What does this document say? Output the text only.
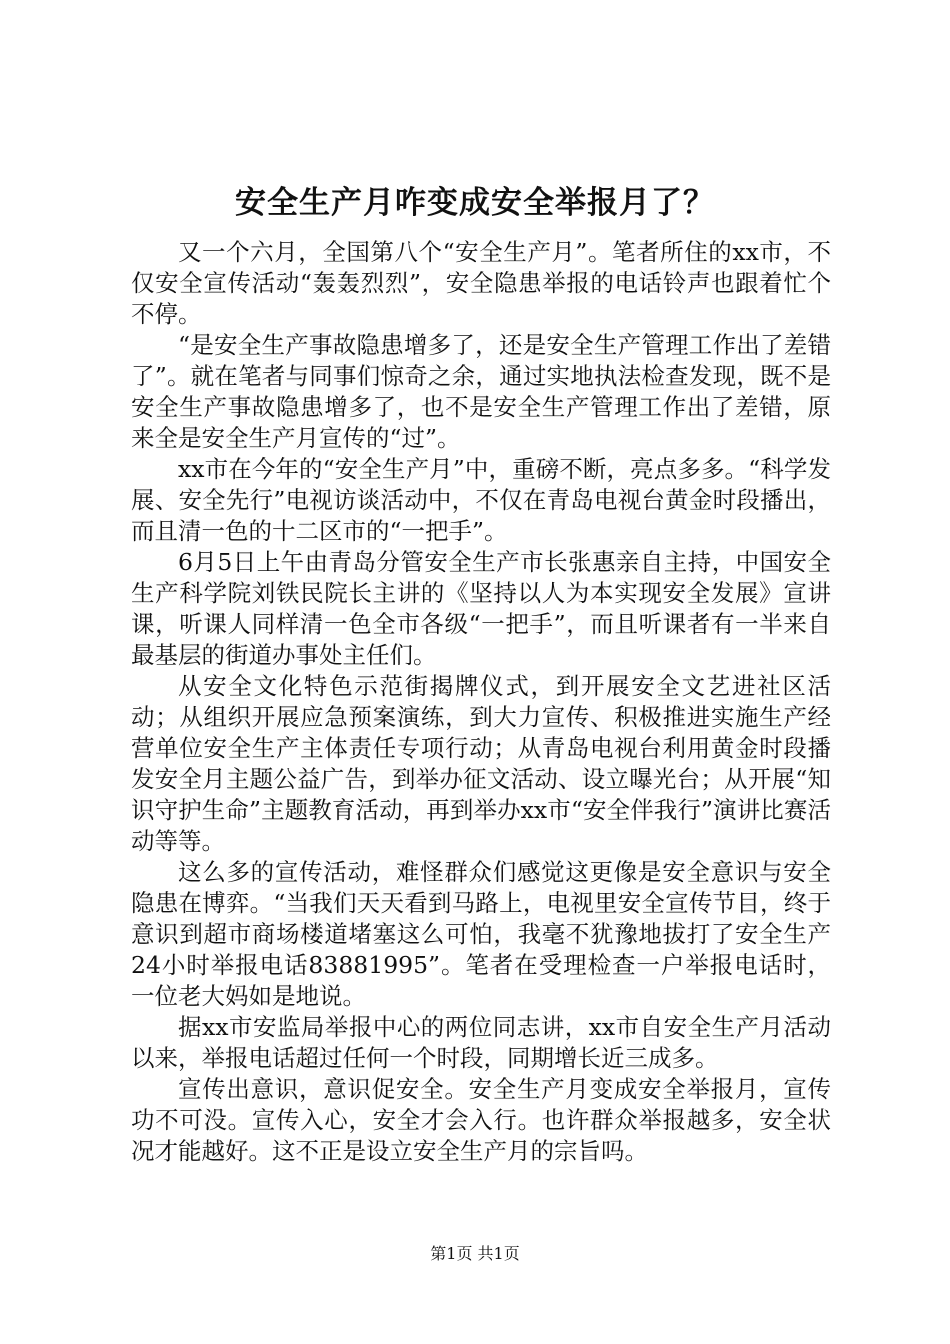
安全生产月咋变成安全举报月了？

又一个六月，全国第八个“安全生产月”。笔者所住的xx市，不仅安全宣传活动“轰轰烈烈”，安全隐患举报的电话铃声也跟着忙个不停。

“是安全生产事故隐患增多了，还是安全生产管理工作出了差错了”。就在笔者与同事们惊奇之余，通过实地执法检查发现，既不是安全生产事故隐患增多了，也不是安全生产管理工作出了差错，原来全是安全生产月宣传的“过”。

xx市在今年的“安全生产月”中，重磅不断，亮点多多。“科学发展、安全先行”电视访谈活动中，不仅在青岛电视台黄金时段播出，而且清一色的十二区市的“一把手”。

6月5日上午由青岛分管安全生产市长张惠亲自主持，中国安全生产科学院刘铁民院长主讲的《坚持以人为本实现安全发展》宣讲课，听课人同样清一色全市各级“一把手”，而且听课者有一半来自最基层的街道办事处主任们。

从安全文化特色示范街揭牌仪式，到开展安全文艺进社区活动；从组织开展应急预案演练，到大力宣传、积极推进实施生产经营单位安全生产主体责任专项行动；从青岛电视台利用黄金时段播发安全月主题公益广告，到举办征文活动、设立曝光台；从开展“知识守护生命”主题教育活动，再到举办xx市“安全伴我行”演讲比赛活动等等。

这么多的宣传活动，难怪群众们感觉这更像是安全意识与安全隐患在博弈。“当我们天天看到马路上，电视里安全宣传节目，终于意识到超市商场楼道堵塞这么可怕，我毫不犹豫地拔打了安全生产24小时举报电话83881995”。笔者在受理检查一户举报电话时，一位老大妈如是地说。

据xx市安监局举报中心的两位同志讲，xx市自安全生产月活动以来，举报电话超过任何一个时段，同期增长近三成多。

宣传出意识，意识促安全。安全生产月变成安全举报月，宣传功不可没。宣传入心，安全才会入行。也许群众举报越多，安全状况才能越好。这不正是设立安全生产月的宗旨吗。

第1页 共1页
